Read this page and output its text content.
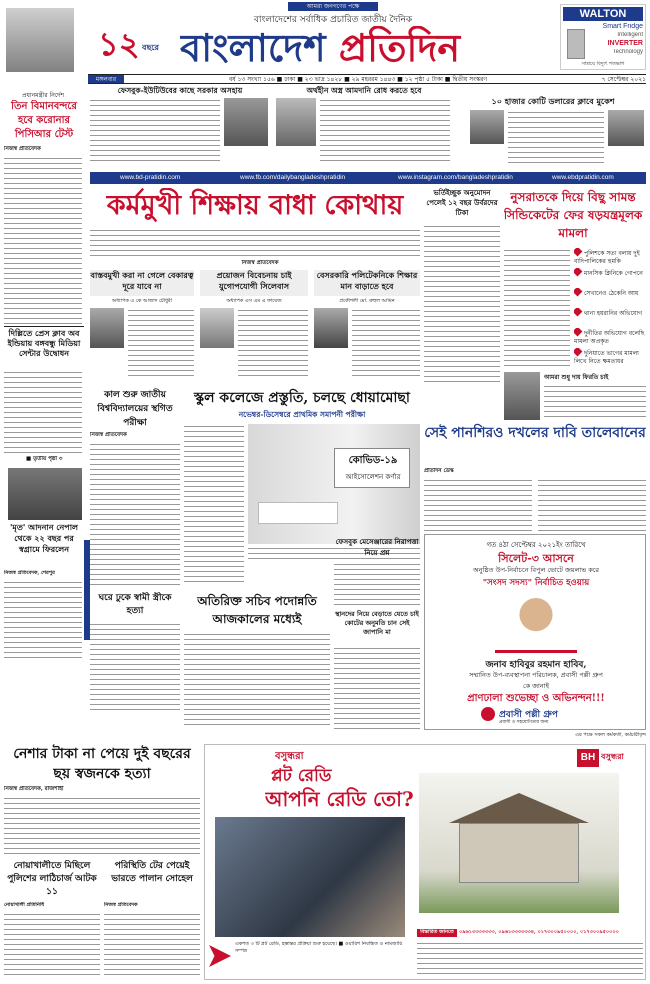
১২ বছরে
আমরা জনগণের পক্ষে
বাংলাদেশের সর্বাধিক প্রচারিত জাতীয় দৈনিক
বাংলাদেশ প্রতিদিন
WALTON
Smart Fridge
Intelligent
INVERTER
Technology
সাশ্রয়ে বিদ্যুৎ শতভাগ
মঙ্গলবার	বর্ষ ১৩ সংখ্যা ১৫৬ ■ ঢাকা ■ ২৩ ভাদ্র ১৪২৮ ■ ২৯ মহররম ১৪৪৩ ■ ১২ পৃষ্ঠা ৫ টাকা ■ দ্বিতীয় সংস্করণ	৭ সেপ্টেম্বর ২০২১
প্রধানমন্ত্রীর নির্দেশ
তিন বিমানবন্দরে হবে করোনার পিসিআর টেস্ট
নিজস্ব প্রতিবেদক
দিল্লিতে প্রেস ক্লাব অব ইন্ডিয়ায় বঙ্গবন্ধু মিডিয়া সেন্টার উদ্বোধন
■ তৃতীয় পৃষ্ঠা ৩
'মৃত' আদনান নেপাল থেকে ২২ বছর পর স্বগ্রামে ফিরলেন
নিজস্ব প্রতিবেদক, শেরপুর
ফেসবুক-ইউটিউবের কাছে সরকার অসহায়	অর্থহীন অস্ত্র আমদানি রোধ করতে হবে
১০ হাজার কোটি ডলারের ক্লাবে মুকেশ
www.bd-pratidin.com	www.fb.com/dailybangladeshpratidin	www.instagram.com/bangladeshpratidin	www.ebdpratidin.com
কর্মমুখী শিক্ষায় বাধা কোথায়
নিজস্ব প্রতিবেদক
বাস্তবমুখী করা না গেলে বেকারত্ব দূরে যাবে না
অধ্যাপক এ কে আজাদ চৌধুরী
প্রয়োজন বিবেচনায় চাই যুগোপযোগী সিলেবাস
অধ্যাপক এস এম এ ফায়েজ
বেসরকারি পলিটেকনিকে শিক্ষার মান বাড়াতে হবে
প্রকৌশলী মো. রুহুল আমিন
ভর্তিইচ্ছুক অনুমোদন পেলেই ১২ বছর উর্বরদের টিকা
নুসরাতকে দিয়ে বিছু সামন্ত সিন্ডিকেটের ফের ষড়যন্ত্রমূলক মামলা
পুলিশকে সত্য বলায় দুই বাদিপালিকের হুমকি
মানসিক ক্লিনিকে গোপনে
সেখানেও ঠেকেনি আয়
থানা হয়রানির অভিযোগ
দুর্নীতির অভিযোগ বলেছি মামলা অপ্রকৃত
দুনিয়াতে ভাগের মামলা লিখে নিতে ক্ষমতাধর
আমরা শুধু দায় ফিরতি চাই
সেই পানশিরও দখলের দাবি তালেবানের
প্রতিদিন ডেস্ক
কাল শুরু জাতীয় বিশ্ববিদ্যালয়ের স্থগিত পরীক্ষা
নিজস্ব প্রতিবেদক
স্কুল কলেজে প্রস্তুতি, চলছে ধোয়ামোছা
নভেম্বর-ডিসেম্বরে প্রাথমিক সমাপনী পরীক্ষা
কোভিড-১৯
আইসোলেশন কর্ণার
ঘরে ঢুকে স্বামী স্ত্রীকে হত্যা
অতিরিক্ত সচিব পদোন্নতি আজকালের মধ্যেই
ফেসবুক মেসেঞ্জারের নিরাপত্তা নিয়ে প্রশ্ন
স্থানদের নিয়ে বেড়াতে যেতে চাই কোটের অনুমতি চান সেই জাপানি মা
গত ৪ঠা সেপ্টেম্বর ২০২১ইং তারিখে
সিলেট-৩ আসনে
অনুষ্ঠিত উপ-নির্বাচনে বিপুল ভোটে জয়লাভ করে
"সংসদ সদস্য" নির্বাচিত হওয়ায়
জনাব হাবিবুর রহমান হাবিব,
সম্মানিত উপ-ব্যবস্থাপনা পরিচালক, প্রবাসী পল্লী গ্রুপ
কে জানাই
প্রাণঢালা শুভেচ্ছা ও অভিনন্দন!!!
প্রবাসী পল্লী গ্রুপ
প্রবাসী ও সহযোগিতার জন্য
এর পক্ষে সকল কর্মকর্তা, কর্মচারীবৃন্দ
নেশার টাকা না পেয়ে দুই বছরের ছয় স্বজনকে হত্যা
নিজস্ব প্রতিবেদক, রাজশাহী
নোয়াখালীতে মিছিলে পুলিশের লাঠিচার্জ আটক ১১
নোয়াখালী প্রতিনিধি
পরিস্থিতি টের পেয়েই ভারতে পালান সোহেল
নিজস্ব প্রতিবেদক
বসুন্ধরা
প্লট রেডি
আপনি রেডি তো?
BH বসুন্ধরা
একশত ৩ টি প্লট রেডি, হস্তান্তর প্রক্রিয়া শুরু হয়েছে। ■ ওয়ারিশ নিবন্ধিত ও নামজারি সম্পন্ন
বিস্তারিত জানতে	০৯৬১৩৩৩৩৩৩৩, ০৯৬১৩৩৩৩৩৩৪, ০১৭৩০০৯৫০০০০, ০১৭৩০০৯৫০০০০
